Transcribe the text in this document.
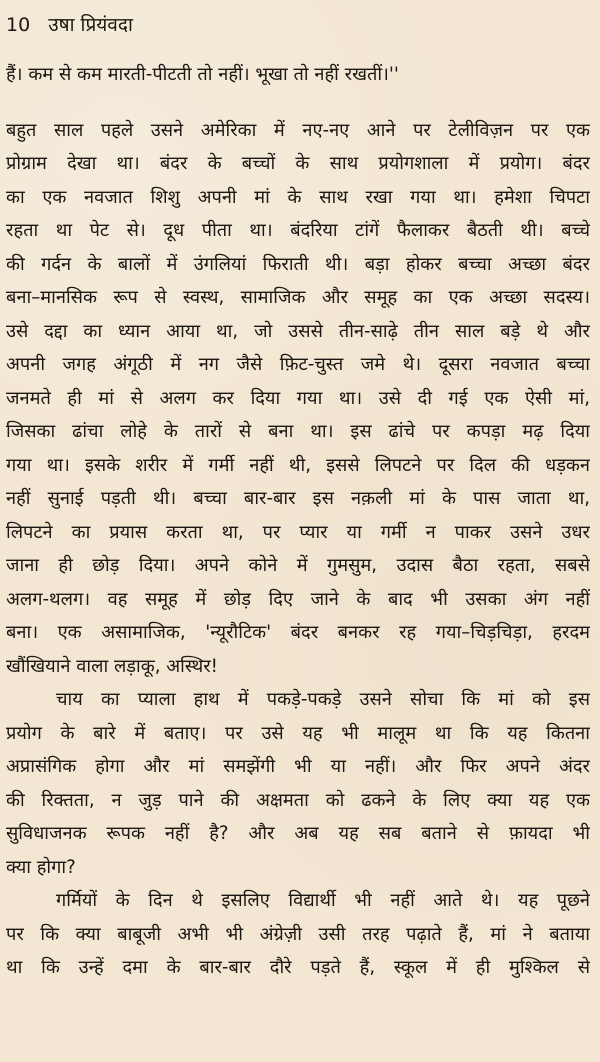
10 उषा प्रियंवदा
हैं। कम से कम मारती-पीटती तो नहीं। भूखा तो नहीं रखतीं।''
बहुत साल पहले उसने अमेरिका में नए-नए आने पर टेलीविज़न पर एक
प्रोग्राम देखा था। बंदर के बच्चों के साथ प्रयोगशाला में प्रयोग। बंदर
का एक नवजात शिशु अपनी मां के साथ रखा गया था। हमेशा चिपटा
रहता था पेट से। दूध पीता था। बंदरिया टांगें फैलाकर बैठती थी। बच्चे
की गर्दन के बालों में उंगलियां फिराती थी। बड़ा होकर बच्चा अच्छा बंदर
बना–मानसिक रूप से स्वस्थ, सामाजिक और समूह का एक अच्छा सदस्य।
उसे दद्दा का ध्यान आया था, जो उससे तीन-साढ़े तीन साल बड़े थे और
अपनी जगह अंगूठी में नग जैसे फ़िट-चुस्त जमे थे। दूसरा नवजात बच्चा
जनमते ही मां से अलग कर दिया गया था। उसे दी गई एक ऐसी मां,
जिसका ढांचा लोहे के तारों से बना था। इस ढांचे पर कपड़ा मढ़ दिया
गया था। इसके शरीर में गर्मी नहीं थी, इससे लिपटने पर दिल की धड़कन
नहीं सुनाई पड़ती थी। बच्चा बार-बार इस नक़ली मां के पास जाता था,
लिपटने का प्रयास करता था, पर प्यार या गर्मी न पाकर उसने उधर
जाना ही छोड़ दिया। अपने कोने में गुमसुम, उदास बैठा रहता, सबसे
अलग-थलग। वह समूह में छोड़ दिए जाने के बाद भी उसका अंग नहीं
बना। एक असामाजिक, 'न्यूरौटिक' बंदर बनकर रह गया–चिड़चिड़ा, हरदम
खौंखियाने वाला लड़ाकू, अस्थिर!
चाय का प्याला हाथ में पकड़े-पकड़े उसने सोचा कि मां को इस
प्रयोग के बारे में बताए। पर उसे यह भी मालूम था कि यह कितना
अप्रासंगिक होगा और मां समझेंगी भी या नहीं। और फिर अपने अंदर
की रिक्तता, न जुड़ पाने की अक्षमता को ढकने के लिए क्या यह एक
सुविधाजनक रूपक नहीं है? और अब यह सब बताने से फ़ायदा भी
क्या होगा?
गर्मियों के दिन थे इसलिए विद्यार्थी भी नहीं आते थे। यह पूछने
पर कि क्या बाबूजी अभी भी अंग्रेज़ी उसी तरह पढ़ाते हैं, मां ने बताया
था कि उन्हें दमा के बार-बार दौरे पड़ते हैं, स्कूल में ही मुश्किल से
